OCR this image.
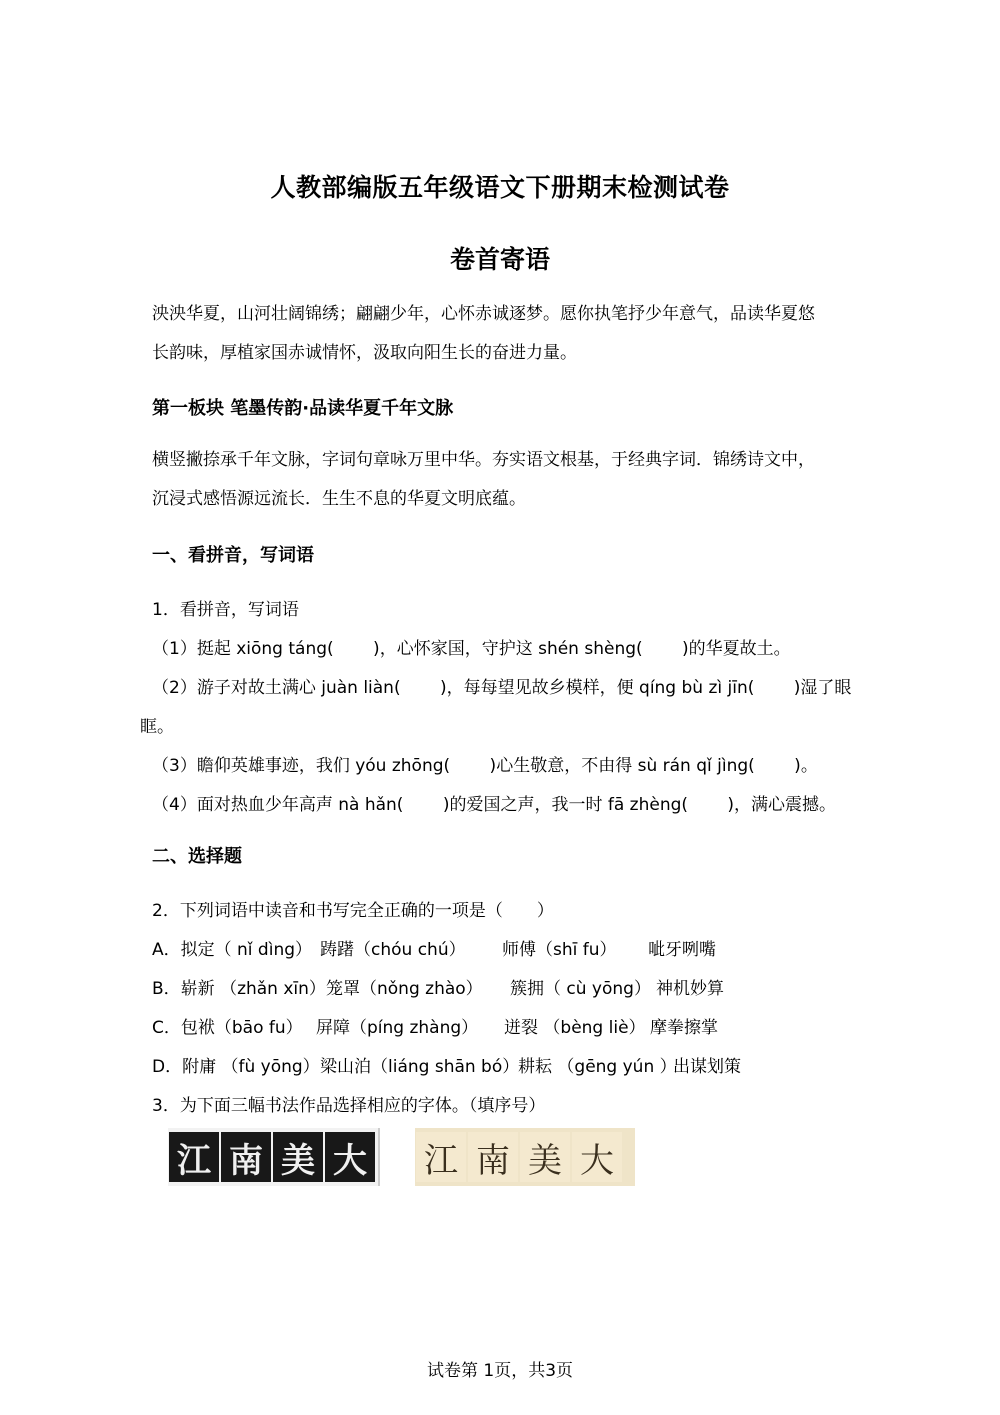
人教部编版五年级语文下册期末检测试卷
卷首寄语
泱泱华夏，山河壮阔锦绣；翩翩少年，心怀赤诚逐梦。愿你执笔抒少年意气，品读华夏悠
长韵味，厚植家国赤诚情怀，汲取向阳生长的奋进力量。
第一板块 笔墨传韵·品读华夏千年文脉
横竖撇捺承千年文脉，字词句章咏万里中华。夯实语文根基，于经典字词．锦绣诗文中，
沉浸式感悟源远流长．生生不息的华夏文明底蕴。
一、看拼音，写词语
1．看拼音，写词语
（1）挺起 xiōng táng(　　 )，心怀家国，守护这 shén shèng(　　 )的华夏故土。
（2）游子对故土满心 juàn liàn(　　 )，每每望见故乡模样，便 qíng bù zì jīn(　　 )湿了眼
眶。
（3）瞻仰英雄事迹，我们 yóu zhōng(　　 )心生敬意，不由得 sù rán qǐ jìng(　　 )。
（4）面对热血少年高声 nà hǎn(　　 )的爱国之声，我一时 fā zhèng(　　 )，满心震撼。
二、选择题
2．下列词语中读音和书写完全正确的一项是（　　）
A．拟定（ nǐ dìng） 踌躇（chóu chú） 师傅（shī fu） 呲牙咧嘴
B．崭新 （zhǎn xīn）笼罩（nǒng zhào） 簇拥（ cù yōng） 神机妙算
C．包袱（bāo fu） 屏障（píng zhàng） 迸裂 （bèng liè） 摩拳擦掌
D．附庸 （fù yōng）梁山泊（liáng shān bó）耕耘 （gēng yún ）出谋划策
3．为下面三幅书法作品选择相应的字体。（填序号）
江 南 美 大 江 南 美 大
试卷第 1页，共3页
